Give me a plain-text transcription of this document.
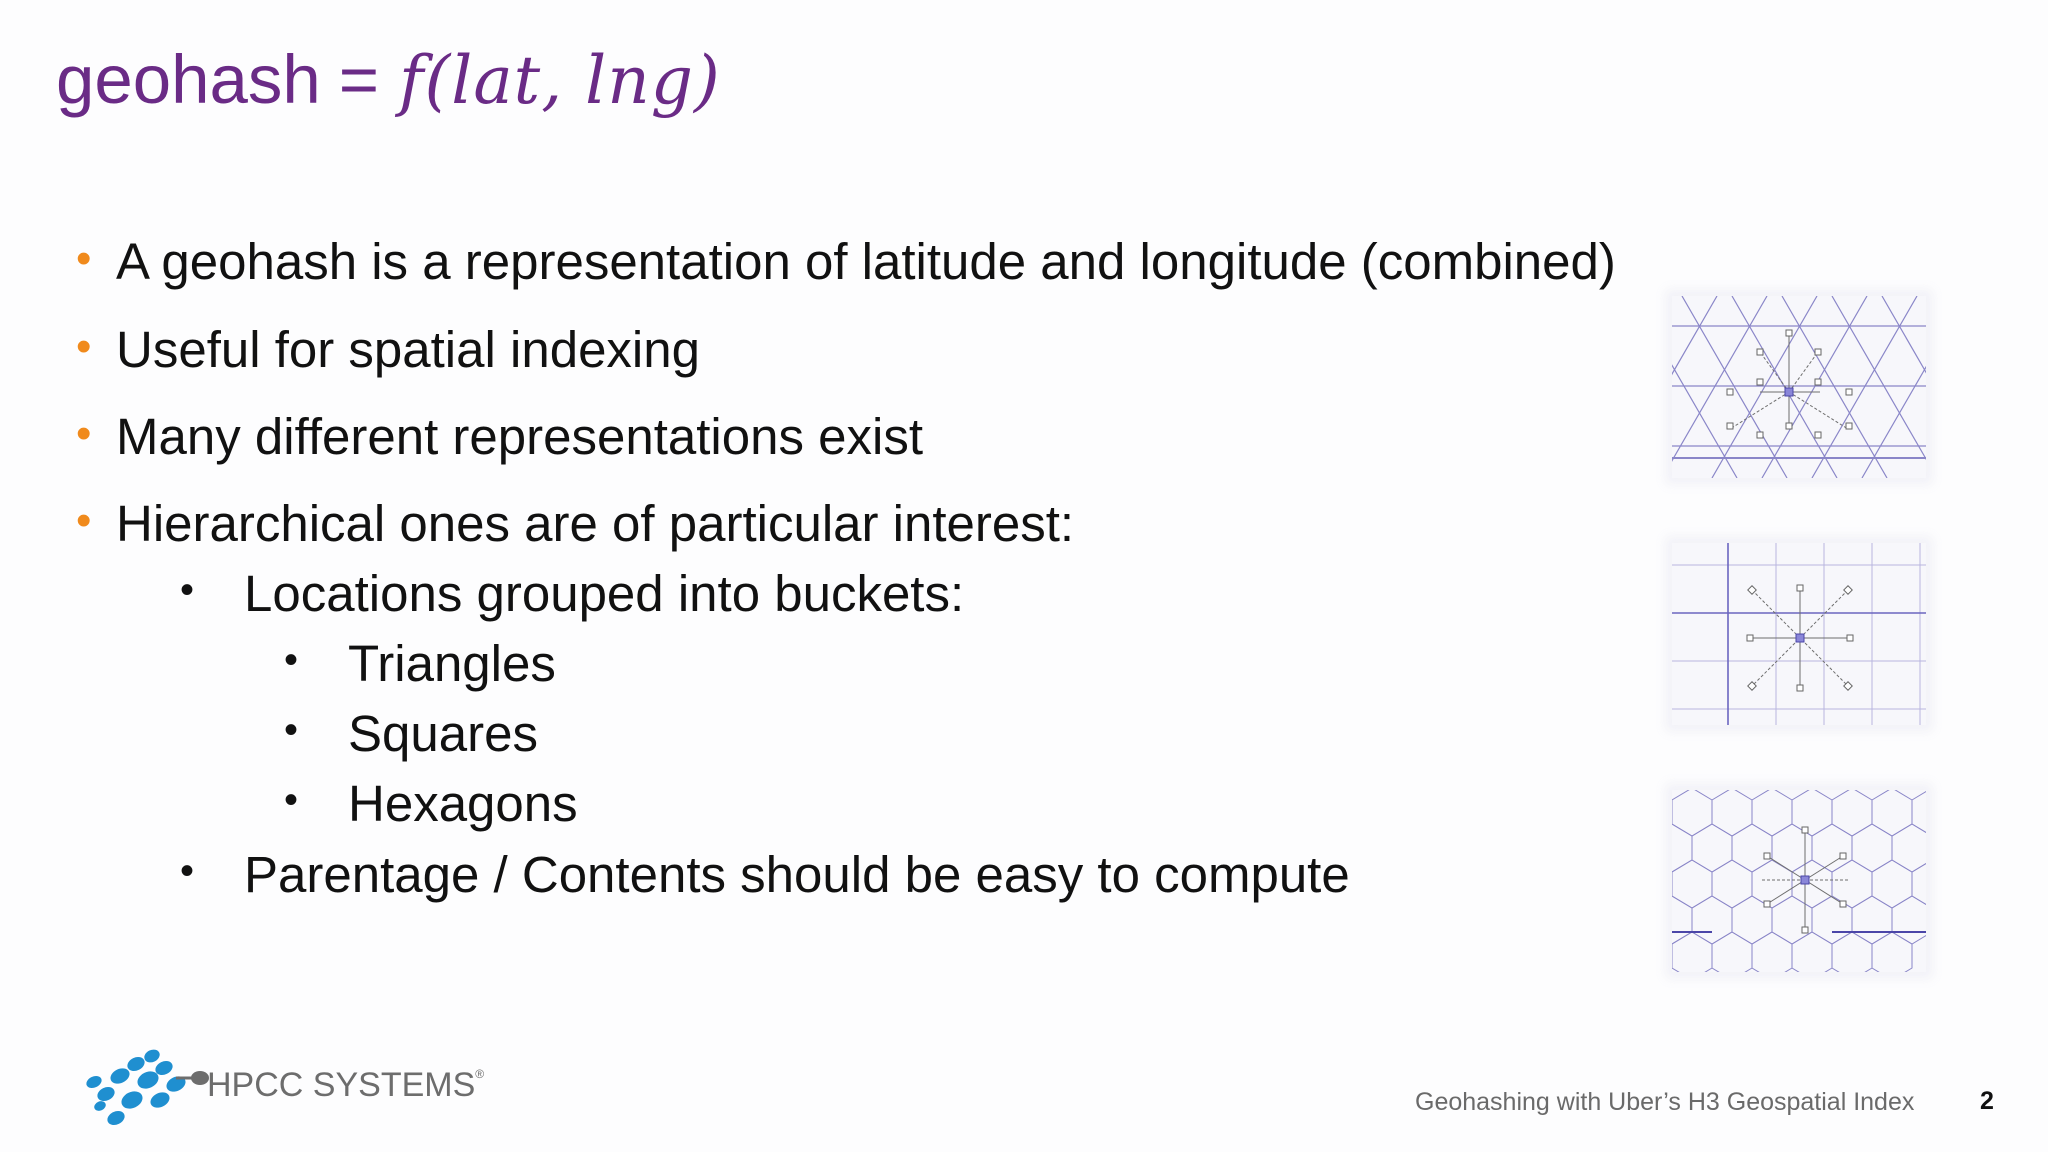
geohash = f(lat, lng)
• A geohash is a representation of latitude and longitude (combined)
• Useful for spatial indexing
• Many different representations exist
• Hierarchical ones are of particular interest:
• Locations grouped into buckets:
• Triangles
• Squares
• Hexagons
• Parentage / Contents should be easy to compute
HPCC SYSTEMS®
Geohashing with Uber’s H3 Geospatial Index	2
